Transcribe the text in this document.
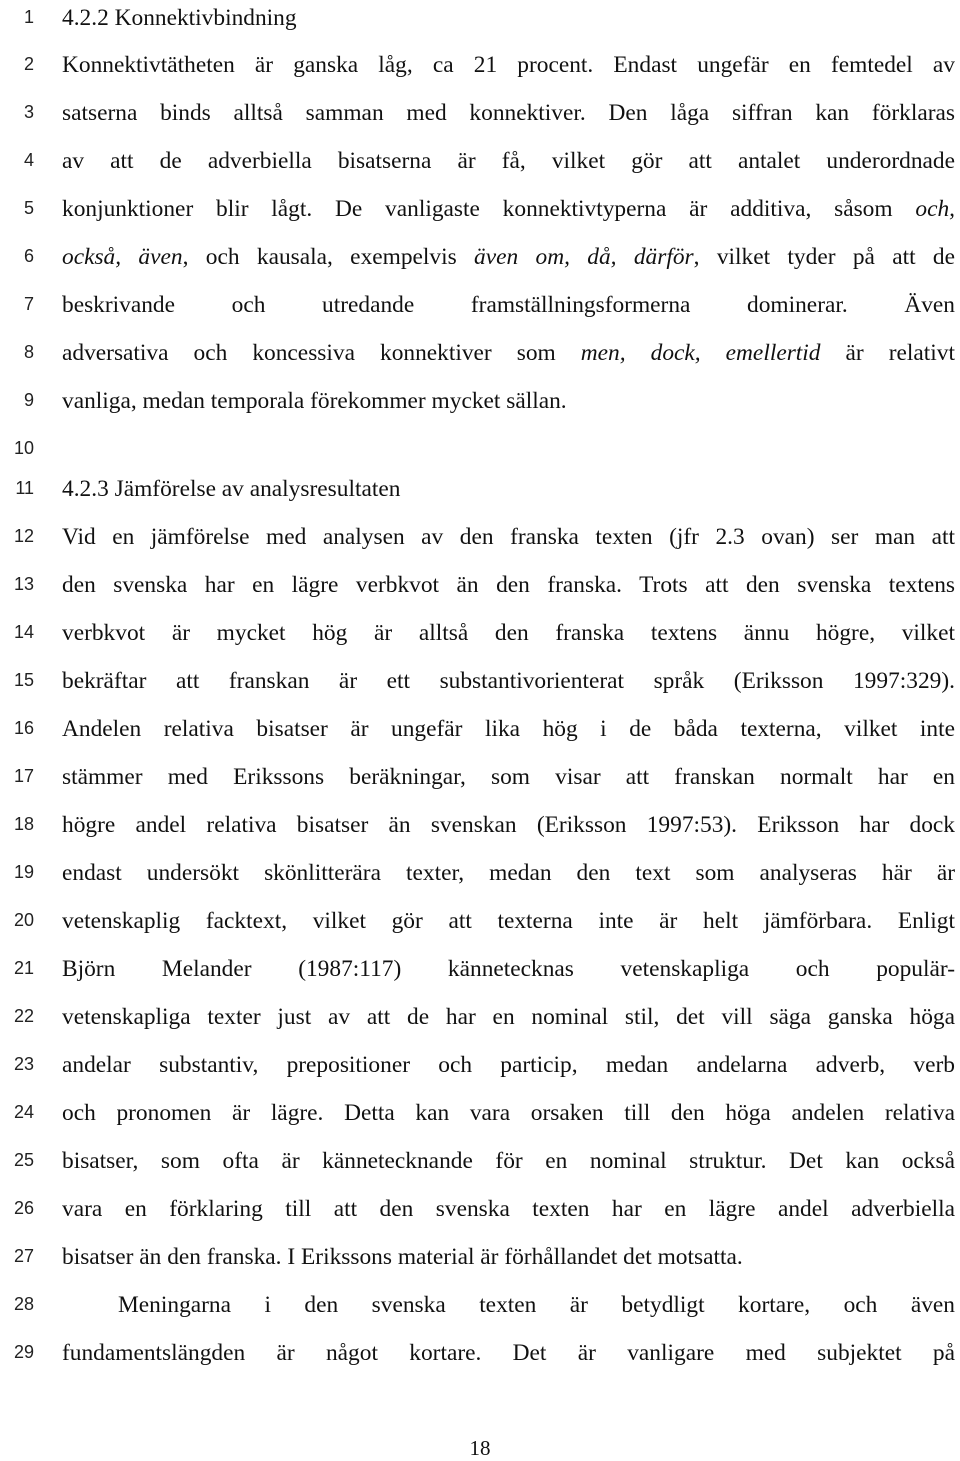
1 4.2.2 Konnektivbindning
2 Konnektivtätheten är ganska låg, ca 21 procent. Endast ungefär en femtedel av
3 satserna binds alltså samman med konnektiver. Den låga siffran kan förklaras
4 av att de adverbiella bisatserna är få, vilket gör att antalet underordnade
5 konjunktioner blir lågt. De vanligaste konnektivtyperna är additiva, såsom och,
6 också, även, och kausala, exempelvis även om, då, därför, vilket tyder på att de
7 beskrivande och utredande framställningsformerna dominerar. Även
8 adversativa och koncessiva konnektiver som men, dock, emellertid är relativt
9 vanliga, medan temporala förekommer mycket sällan.
10
11 4.2.3 Jämförelse av analysresultaten
12 Vid en jämförelse med analysen av den franska texten (jfr 2.3 ovan) ser man att
13 den svenska har en lägre verbkvot än den franska. Trots att den svenska textens
14 verbkvot är mycket hög är alltså den franska textens ännu högre, vilket
15 bekräftar att franskan är ett substantivorienterat språk (Eriksson 1997:329).
16 Andelen relativa bisatser är ungefär lika hög i de båda texterna, vilket inte
17 stämmer med Erikssons beräkningar, som visar att franskan normalt har en
18 högre andel relativa bisatser än svenskan (Eriksson 1997:53). Eriksson har dock
19 endast undersökt skönlitterära texter, medan den text som analyseras här är
20 vetenskaplig facktext, vilket gör att texterna inte är helt jämförbara. Enligt
21 Björn Melander (1987:117) kännetecknas vetenskapliga och populär-
22 vetenskapliga texter just av att de har en nominal stil, det vill säga ganska höga
23 andelar substantiv, prepositioner och particip, medan andelarna adverb, verb
24 och pronomen är lägre. Detta kan vara orsaken till den höga andelen relativa
25 bisatser, som ofta är kännetecknande för en nominal struktur. Det kan också
26 vara en förklaring till att den svenska texten har en lägre andel adverbiella
27 bisatser än den franska. I Erikssons material är förhållandet det motsatta.
28	Meningarna i den svenska texten är betydligt kortare, och även
29 fundamentslängden är något kortare. Det är vanligare med subjektet på
18
